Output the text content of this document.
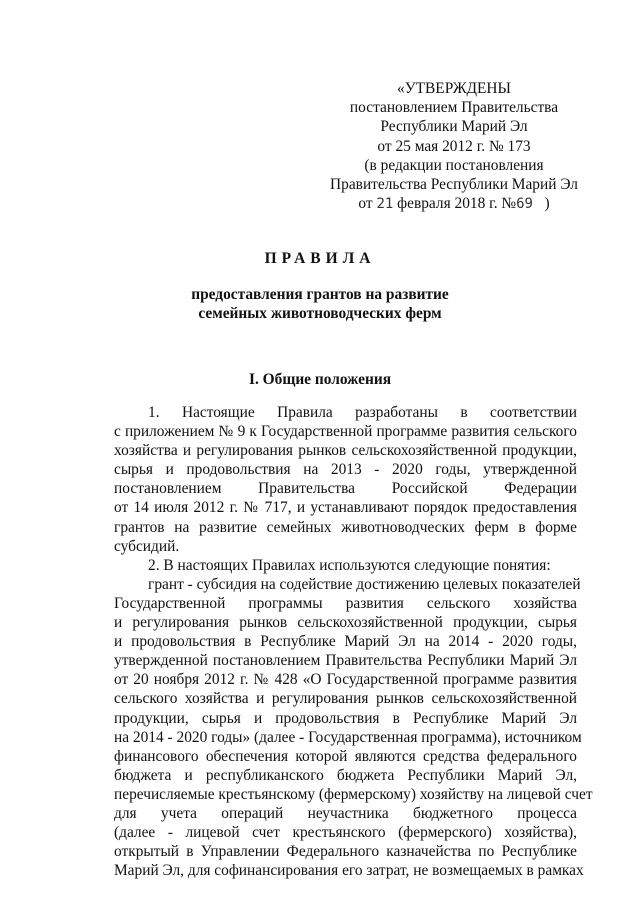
«УТВЕРЖДЕНЫ
постановлением Правительства
Республики Марий Эл
от 25 мая 2012 г. № 173
(в редакции постановления
Правительства Республики Марий Эл
от 21 февраля 2018 г. №69 )
ПРАВИЛА
предоставления грантов на развитие
семейных животноводческих ферм
I. Общие положения
1. Настоящие Правила разработаны в соответствии
с приложением № 9 к Государственной программе развития сельского
хозяйства и регулирования рынков сельскохозяйственной продукции,
сырья и продовольствия на 2013 - 2020 годы, утвержденной
постановлением Правительства Российской Федерации
от 14 июля 2012 г. № 717, и устанавливают порядок предоставления
грантов на развитие семейных животноводческих ферм в форме
субсидий.
2. В настоящих Правилах используются следующие понятия:
грант - субсидия на содействие достижению целевых показателей
Государственной программы развития сельского хозяйства
и регулирования рынков сельскохозяйственной продукции, сырья
и продовольствия в Республике Марий Эл на 2014 - 2020 годы,
утвержденной постановлением Правительства Республики Марий Эл
от 20 ноября 2012 г. № 428 «О Государственной программе развития
сельского хозяйства и регулирования рынков сельскохозяйственной
продукции, сырья и продовольствия в Республике Марий Эл
на 2014 - 2020 годы» (далее - Государственная программа), источником
финансового обеспечения которой являются средства федерального
бюджета и республиканского бюджета Республики Марий Эл,
перечисляемые крестьянскому (фермерскому) хозяйству на лицевой счет
для учета операций неучастника бюджетного процесса
(далее - лицевой счет крестьянского (фермерского) хозяйства),
открытый в Управлении Федерального казначейства по Республике
Марий Эл, для софинансирования его затрат, не возмещаемых в рамках
